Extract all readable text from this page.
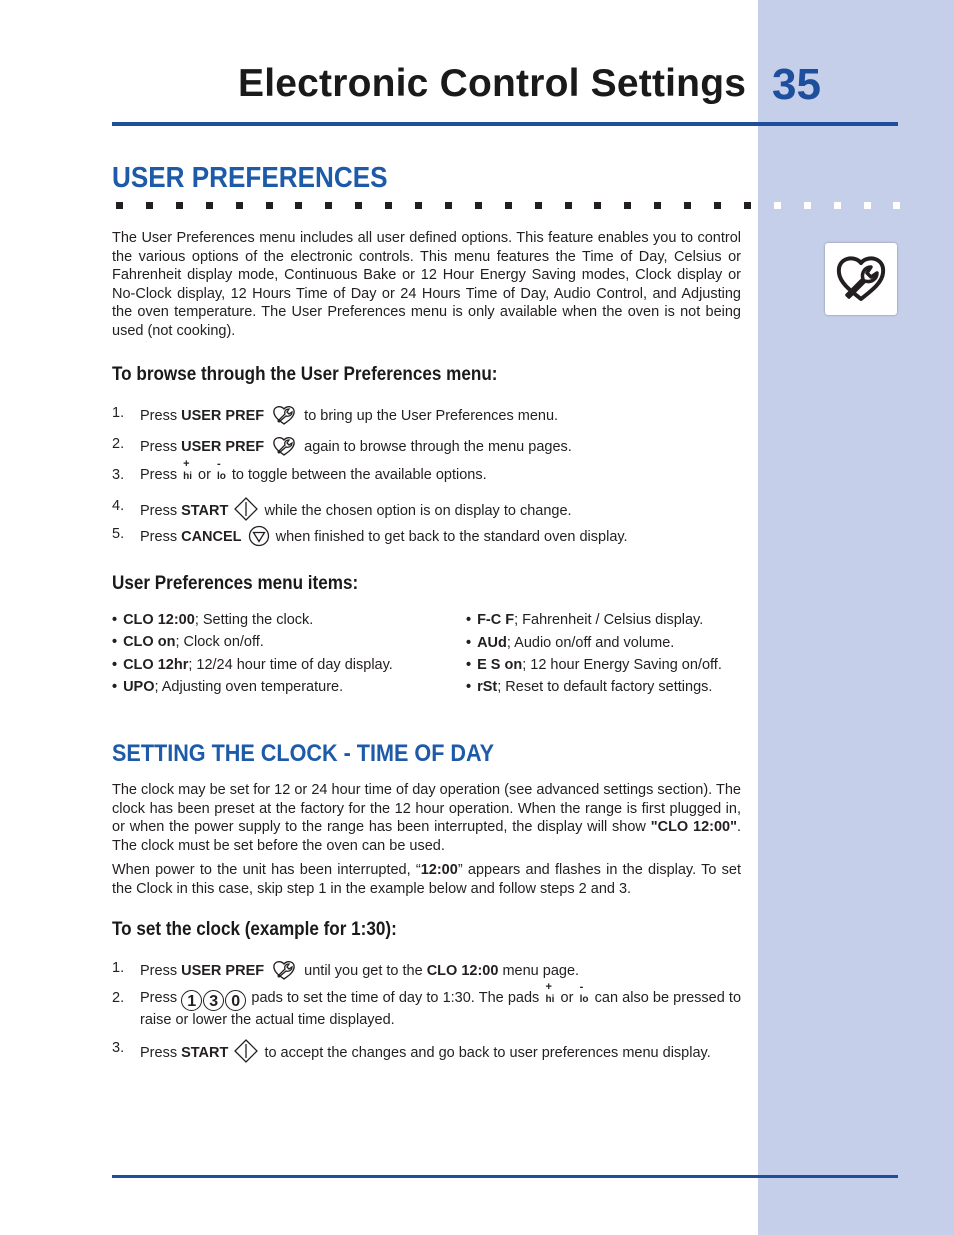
Electronic Control Settings 35
USER PREFERENCES

The User Preferences menu includes all user defined options. This feature enables you to control the various options of the electronic controls. This menu features the Time of Day, Celsius or Fahrenheit display mode, Continuous Bake or 12 Hour Energy Saving modes, Clock display or No-Clock display, 12 Hours Time of Day or 24 Hours Time of Day, Audio Control, and Adjusting the oven temperature. The User Preferences menu is only available when the oven is not being used (not cooking).

To browse through the User Preferences menu:
1. Press USER PREF	to bring up the User Preferences menu.
2. Press USER PREF	again to browse through the menu pages.
3. Press
+
hi or
-
lo to toggle between the available options.
4. Press START while the chosen option is on display to change.
5. Press CANCEL when finished to get back to the standard oven display.
User Preferences menu items:
• CLO 12:00; Setting the clock.
• CLO on; Clock on/off.
• CLO 12hr; 12/24 hour time of day display.
• UPO; Adjusting oven temperature.
• F-C F; Fahrenheit / Celsius display.
• AUd; Audio on/off and volume.
• E S on; 12 hour Energy Saving on/off.
• rSt; Reset to default factory settings.
SETTING THE CLOCK - TIME OF DAY

The clock may be set for 12 or 24 hour time of day operation (see advanced settings section). The clock has been preset at the factory for the 12 hour operation. When the range is first plugged in, or when the power supply to the range has been interrupted, the display will show "CLO 12:00". The clock must be set before the oven can be used.

When power to the unit has been interrupted, “12:00” appears and flashes in the display. To set the Clock in this case, skip step 1 in the example below and follow steps 2 and 3.

To set the clock (example for 1:30):
1. Press USER PREF	until you get to the CLO 12:00 menu page.
2. Press 1 3 0 pads to set the time of day to 1:30. The pads
+
hi or
-
lo can also be pressed to raise or lower the actual time displayed.
3. Press START to accept the changes and go back to user preferences menu display.
